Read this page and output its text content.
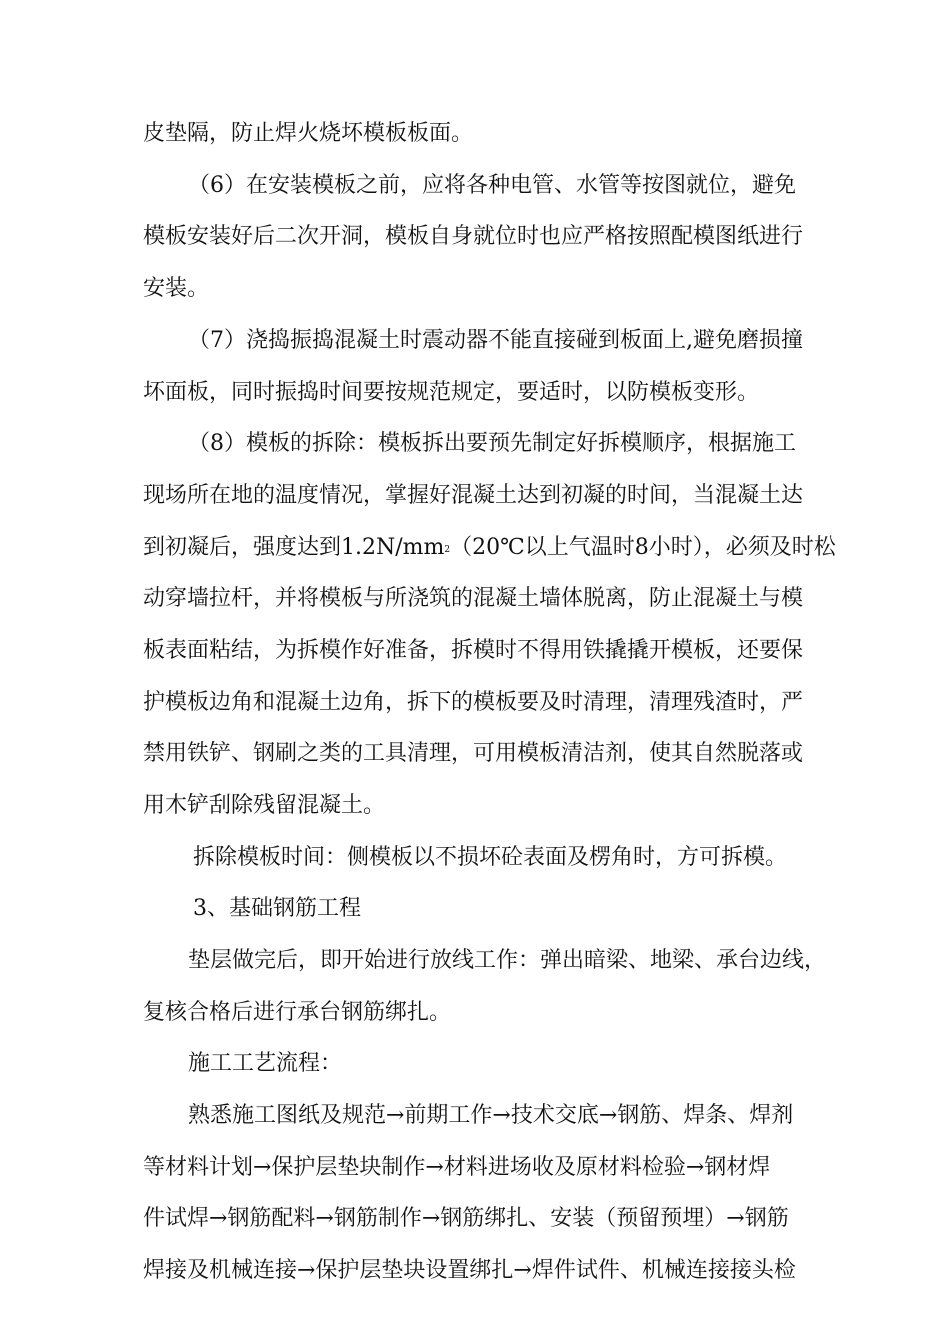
皮垫隔，防止焊火烧坏模板板面。
（6）在安装模板之前，应将各种电管、水管等按图就位，避免
模板安装好后二次开洞，模板自身就位时也应严格按照配模图纸进行
安装。
（7）浇捣振捣混凝土时震动器不能直接碰到板面上,避免磨损撞
坏面板，同时振捣时间要按规范规定，要适时，以防模板变形。
（8）模板的拆除：模板拆出要预先制定好拆模顺序，根据施工
现场所在地的温度情况，掌握好混凝土达到初凝的时间，当混凝土达
到初凝后，强度达到$1.2N/mm^2(20℃$以上气温时8小时），必须及时松
动穿墙拉杆，并将模板与所浇筑的混凝土墙体脱离，防止混凝土与模
板表面粘结，为拆模作好准备，拆模时不得用铁撬撬开模板，还要保
护模板边角和混凝土边角，拆下的模板要及时清理，清理残渣时，严
禁用铁铲、钢刷之类的工具清理，可用模板清洁剂，使其自然脱落或
用木铲刮除残留混凝土。
拆除模板时间：侧模板以不损坏砼表面及楞角时，方可拆模。
3、基础钢筋工程
垫层做完后，即开始进行放线工作：弹出暗梁、地梁、承台边线，
复核合格后进行承台钢筋绑扎。
施工工艺流程：
熟悉施工图纸及规范→前期工作→技术交底→钢筋、焊条、焊剂
等材料计划→保护层垫块制作→材料进场收及原材料检验→钢材焊
件试焊→钢筋配料→钢筋制作→钢筋绑扎、安装（预留预埋）→钢筋
焊接及机械连接→保护层垫块设置绑扎→焊件试件、机械连接接头检
